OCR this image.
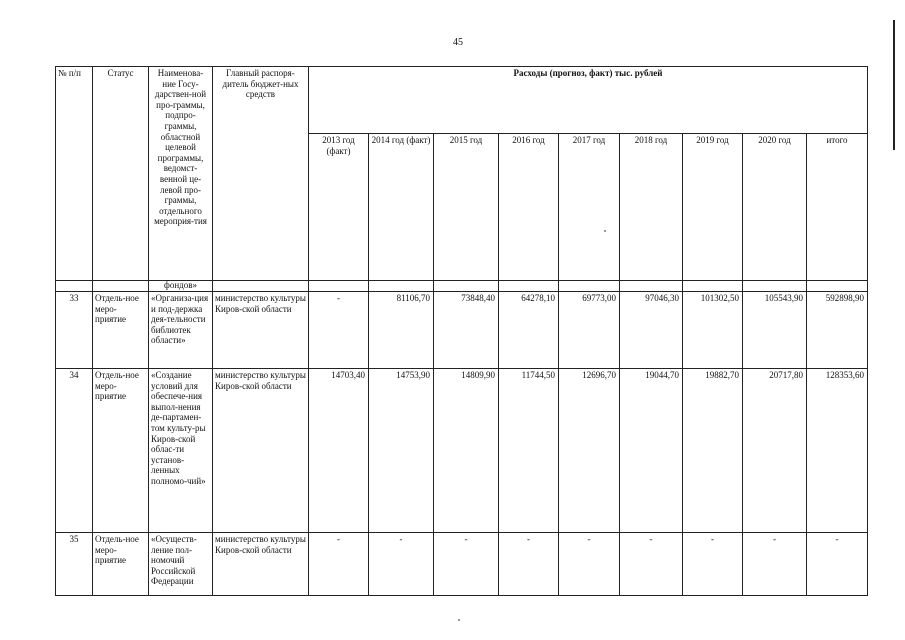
45
№ п/п	Статус	Наименова-ние Госу-дарствен-ной про-граммы, подпро-граммы, областной целевой программы, ведомст-венной це-левой про-граммы, отдельного мероприя-тия	Главный распоря-дитель бюджет-ных средств	Расходы (прогноз, факт) тыс. рублей								
				2013 год (факт)	2014 год (факт)	2015 год	2016 год	2017 год	2018 год	2019 год	2020 год	итого
		фондов»										
33	Отдель-ное меро-приятие	«Организа-ция и под-держка дея-тельности библиотек области»	министерство культуры Киров-ской области	-	81106,70	73848,40	64278,10	69773,00	97046,30	101302,50	105543,90	592898,90
34	Отдель-ное меро-приятие	«Создание условий для обеспече-ния выпол-нения де-партамен-том культу-ры Киров-ской облас-ти установ-ленных полномо-чий»	министерство культуры Киров-ской области	14703,40	14753,90	14809,90	11744,50	12696,70	19044,70	19882,70	20717,80	128353,60
35	Отдель-ное меро-приятие	«Осуществ-ление пол-номочий Российской Федерации	министерство культуры Киров-ской области	-	-	-	-	-	-	-	-	-
